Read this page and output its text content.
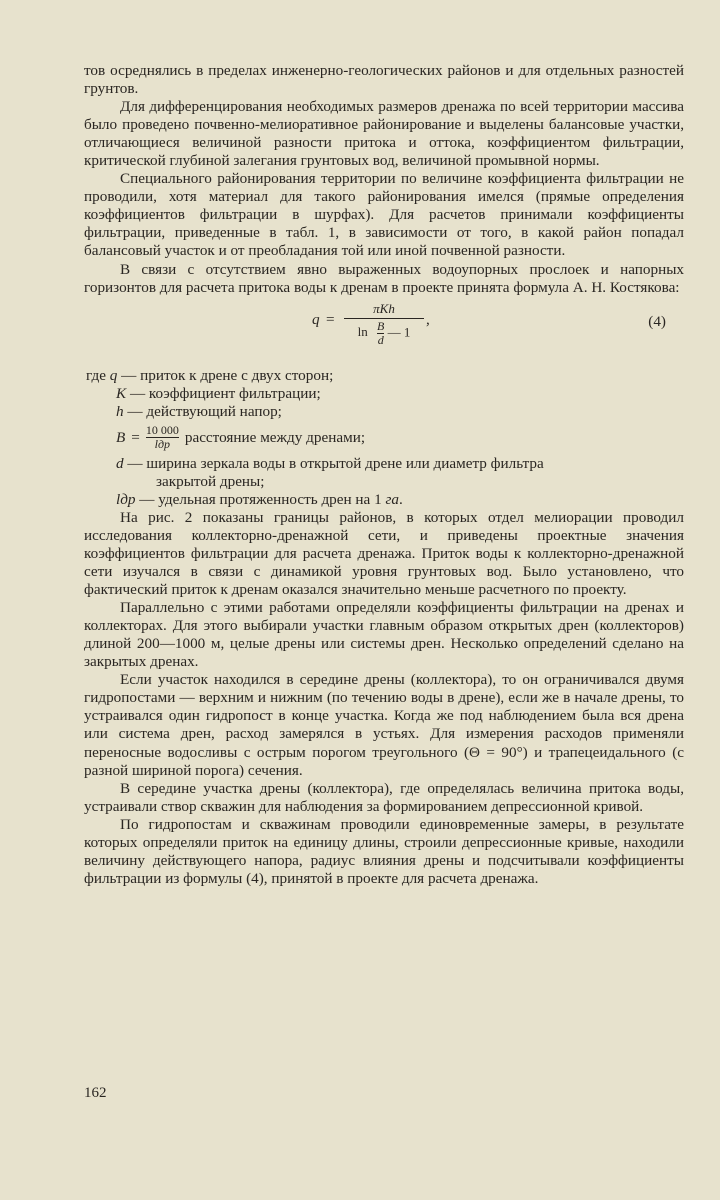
тов осреднялись в пределах инженерно-геологических районов и для отдельных разностей грунтов.

Для дифференцирования необходимых размеров дренажа по всей территории массива было проведено почвенно-мелиоративное районирование и выделены балансовые участки, отличающиеся величиной разности притока и оттока, коэффициентом фильтрации, критической глубиной залегания грунтовых вод, величиной промывной нормы.

Специального районирования территории по величине коэффициента фильтрации не проводили, хотя материал для такого районирования имелся (прямые определения коэффициентов фильтрации в шурфах). Для расчетов принимали коэффициенты фильтрации, приведенные в табл. 1, в зависимости от того, в какой район попадал балансовый участок и от преобладания той или иной почвенной разности.

В связи с отсутствием явно выраженных водоупорных прослоек и напорных горизонтов для расчета притока воды к дренам в проекте принята формула А. Н. Костякова:

q =
πKh
$\ln \frac{B}{d}$ — 1
,	(4)

где q — приток к дрене с двух сторон;

K — коэффициент фильтрации;

h — действующий напор;

$B = \frac{10 000}{\text{lдр}}$ расстояние между дренами;

d — ширина зеркала воды в открытой дрене или диаметр фильтра

закрытой дрены;

lдр — удельная протяженность дрен на 1 га.

На рис. 2 показаны границы районов, в которых отдел мелиорации проводил исследования коллекторно-дренажной сети, и приведены проектные значения коэффициентов фильтрации для расчета дренажа. Приток воды к коллекторно-дренажной сети изучался в связи с динамикой уровня грунтовых вод. Было установлено, что фактический приток к дренам оказался значительно меньше расчетного по проекту.

Параллельно с этими работами определяли коэффициенты фильтрации на дренах и коллекторах. Для этого выбирали участки главным образом открытых дрен (коллекторов) длиной 200—1000 м, целые дрены или системы дрен. Несколько определений сделано на закрытых дренах.

Если участок находился в середине дрены (коллектора), то он ограничивался двумя гидропостами — верхним и нижним (по течению воды в дрене), если же в начале дрены, то устраивался один гидропост в конце участка. Когда же под наблюдением была вся дрена или система дрен, расход замерялся в устьях. Для измерения расходов применяли переносные водосливы с острым порогом треугольного (Θ = 90°) и трапецеидального (с разной шириной порога) сечения.

В середине участка дрены (коллектора), где определялась величина притока воды, устраивали створ скважин для наблюдения за формированием депрессионной кривой.

По гидропостам и скважинам проводили единовременные замеры, в результате которых определяли приток на единицу длины, строили депрессионные кривые, находили величину действующего напора, радиус влияния дрены и подсчитывали коэффициенты фильтрации из формулы (4), принятой в проекте для расчета дренажа.

162
